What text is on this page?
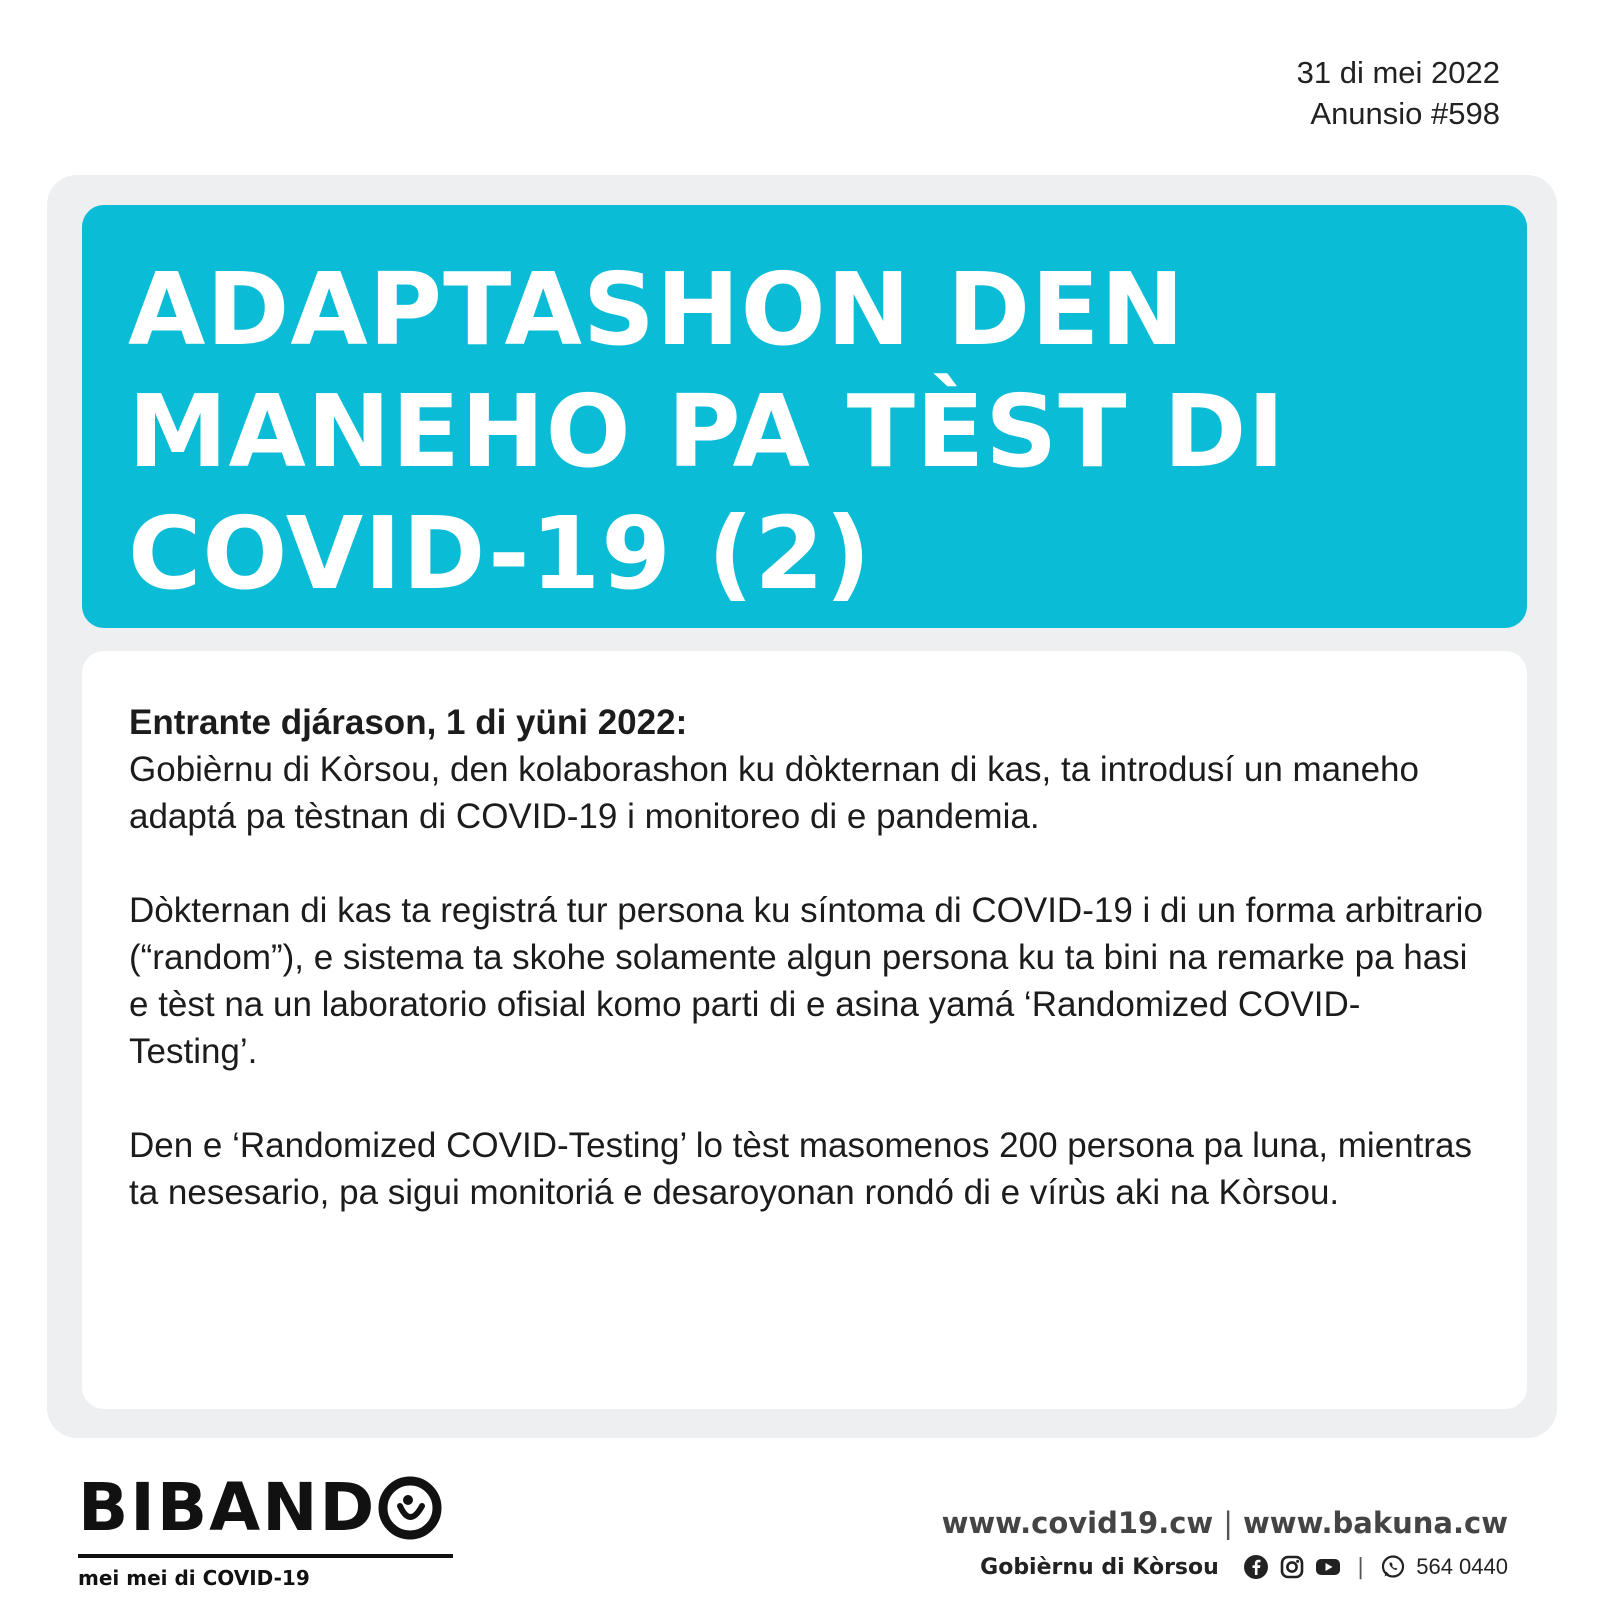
31 di mei 2022
Anunsio #598
ADAPTASHON DEN
MANEHO PA TÈST DI
COVID-19 (2)

Entrante djárason, 1 di yüni 2022:
Gobièrnu di Kòrsou, den kolaborashon ku dòkternan di kas, ta introdusí un maneho adaptá pa tèstnan di COVID-19 i monitoreo di e pandemia.

Dòkternan di kas ta registrá tur persona ku síntoma di COVID-19 i di un forma arbitrario (“random”), e sistema ta skohe solamente algun persona ku ta bini na remarke pa hasi e tèst na un laboratorio ofisial komo parti di e asina yamá ‘Randomized COVID-Testing’.

Den e ‘Randomized COVID-Testing’ lo tèst masomenos 200 persona pa luna, mientras ta nesesario, pa sigui monitoriá e desaroyonan rondó di e vírùs aki na Kòrsou.

BIBAND
mei mei di COVID-19
www.covid19.cw | www.bakuna.cw
Gobièrnu di Kòrsou	| 564 0440
